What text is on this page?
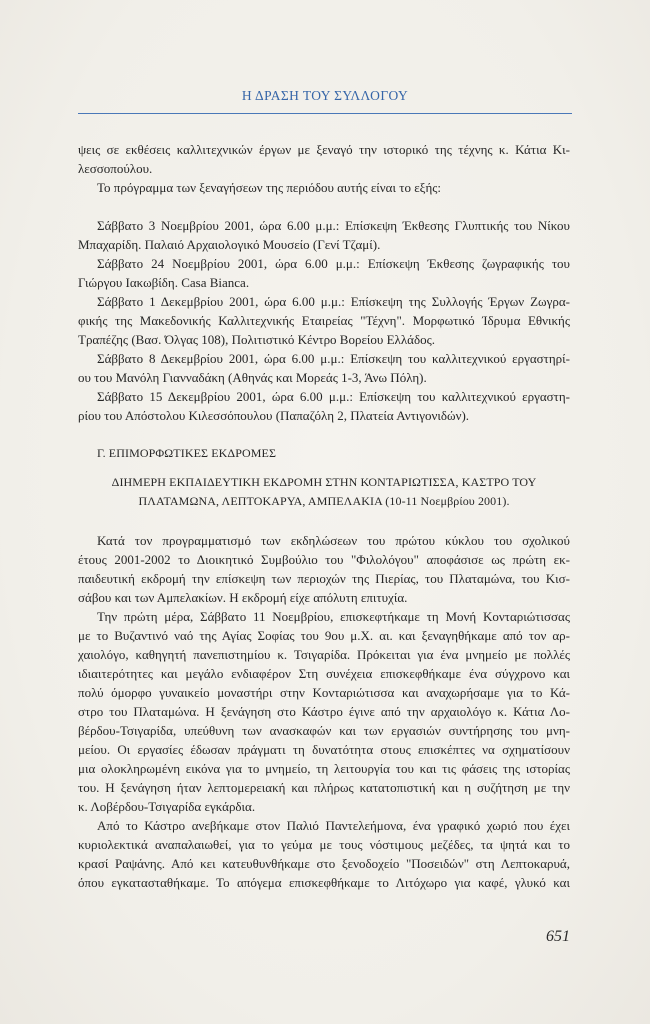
Η ΔΡΑΣΗ ΤΟΥ ΣΥΛΛΟΓΟΥ
ψεις σε εκθέσεις καλλιτεχνικών έργων με ξεναγό την ιστορικό της τέχνης κ. Κάτια Κι-
λεσσοπούλου.
Το πρόγραμμα των ξεναγήσεων της περιόδου αυτής είναι το εξής:
Σάββατο 3 Νοεμβρίου 2001, ώρα 6.00 μ.μ.: Επίσκεψη Έκθεσης Γλυπτικής του Νίκου
Μπαχαρίδη. Παλαιό Αρχαιολογικό Μουσείο (Γενί Τζαμί).
Σάββατο 24 Νοεμβρίου 2001, ώρα 6.00 μ.μ.: Επίσκεψη Έκθεσης ζωγραφικής του
Γιώργου Ιακωβίδη. Casa Bianca.
Σάββατο 1 Δεκεμβρίου 2001, ώρα 6.00 μ.μ.: Επίσκεψη της Συλλογής Έργων Ζωγρα-
φικής της Μακεδονικής Καλλιτεχνικής Εταιρείας "Τέχνη". Μορφωτικό Ίδρυμα Εθνικής
Τραπέζης (Βασ. Όλγας 108), Πολιτιστικό Κέντρο Βορείου Ελλάδος.
Σάββατο 8 Δεκεμβρίου 2001, ώρα 6.00 μ.μ.: Επίσκεψη του καλλιτεχνικού εργαστηρί-
ου του Μανόλη Γιανναδάκη (Αθηνάς και Μορεάς 1-3, Άνω Πόλη).
Σάββατο 15 Δεκεμβρίου 2001, ώρα 6.00 μ.μ.: Επίσκεψη του καλλιτεχνικού εργαστη-
ρίου του Απόστολου Κιλεσσόπουλου (Παπαζόλη 2, Πλατεία Αντιγονιδών).
Γ. ΕΠΙΜΟΡΦΩΤΙΚΕΣ ΕΚΔΡΟΜΕΣ
ΔΙΗΜΕΡΗ ΕΚΠΑΙΔΕΥΤΙΚΗ ΕΚΔΡΟΜΗ ΣΤΗΝ ΚΟΝΤΑΡΙΩΤΙΣΣΑ, ΚΑΣΤΡΟ ΤΟΥ
ΠΛΑΤΑΜΩΝΑ, ΛΕΠΤΟΚΑΡΥΑ, ΑΜΠΕΛΑΚΙΑ (10-11 Νοεμβρίου 2001).
Κατά τον προγραμματισμό των εκδηλώσεων του πρώτου κύκλου του σχολικού
έτους 2001-2002 το Διοικητικό Συμβούλιο του "Φιλολόγου" αποφάσισε ως πρώτη εκ-
παιδευτική εκδρομή την επίσκεψη των περιοχών της Πιερίας, του Πλαταμώνα, του Κισ-
σάβου και των Αμπελακίων. Η εκδρομή είχε απόλυτη επιτυχία.
Την πρώτη μέρα, Σάββατο 11 Νοεμβρίου, επισκεφτήκαμε τη Μονή Κονταριώτισσας
με το Βυζαντινό ναό της Αγίας Σοφίας του 9ου μ.Χ. αι. και ξεναγηθήκαμε από τον αρ-
χαιολόγο, καθηγητή πανεπιστημίου κ. Τσιγαρίδα. Πρόκειται για ένα μνημείο με πολλές
ιδιαιτερότητες και μεγάλο ενδιαφέρον Στη συνέχεια επισκεφθήκαμε ένα σύγχρονο και
πολύ όμορφο γυναικείο μοναστήρι στην Κονταριώτισσα και αναχωρήσαμε για το Κά-
στρο του Πλαταμώνα. Η ξενάγηση στο Κάστρο έγινε από την αρχαιολόγο κ. Κάτια Λο-
βέρδου-Τσιγαρίδα, υπεύθυνη των ανασκαφών και των εργασιών συντήρησης του μνη-
μείου. Οι εργασίες έδωσαν πράγματι τη δυνατότητα στους επισκέπτες να σχηματίσουν
μια ολοκληρωμένη εικόνα για το μνημείο, τη λειτουργία του και τις φάσεις της ιστορίας
του. Η ξενάγηση ήταν λεπτομερειακή και πλήρως κατατοπιστική και η συζήτηση με την
κ. Λοβέρδου-Τσιγαρίδα εγκάρδια.
Από το Κάστρο ανεβήκαμε στον Παλιό Παντελεήμονα, ένα γραφικό χωριό που έχει
κυριολεκτικά αναπαλαιωθεί, για το γεύμα με τους νόστιμους μεζέδες, τα ψητά και το
κρασί Ραψάνης. Από κει κατευθυνθήκαμε στο ξενοδοχείο "Ποσειδών" στη Λεπτοκαρυά,
όπου εγκατασταθήκαμε. Το απόγεμα επισκεφθήκαμε το Λιτόχωρο για καφέ, γλυκό και
651
